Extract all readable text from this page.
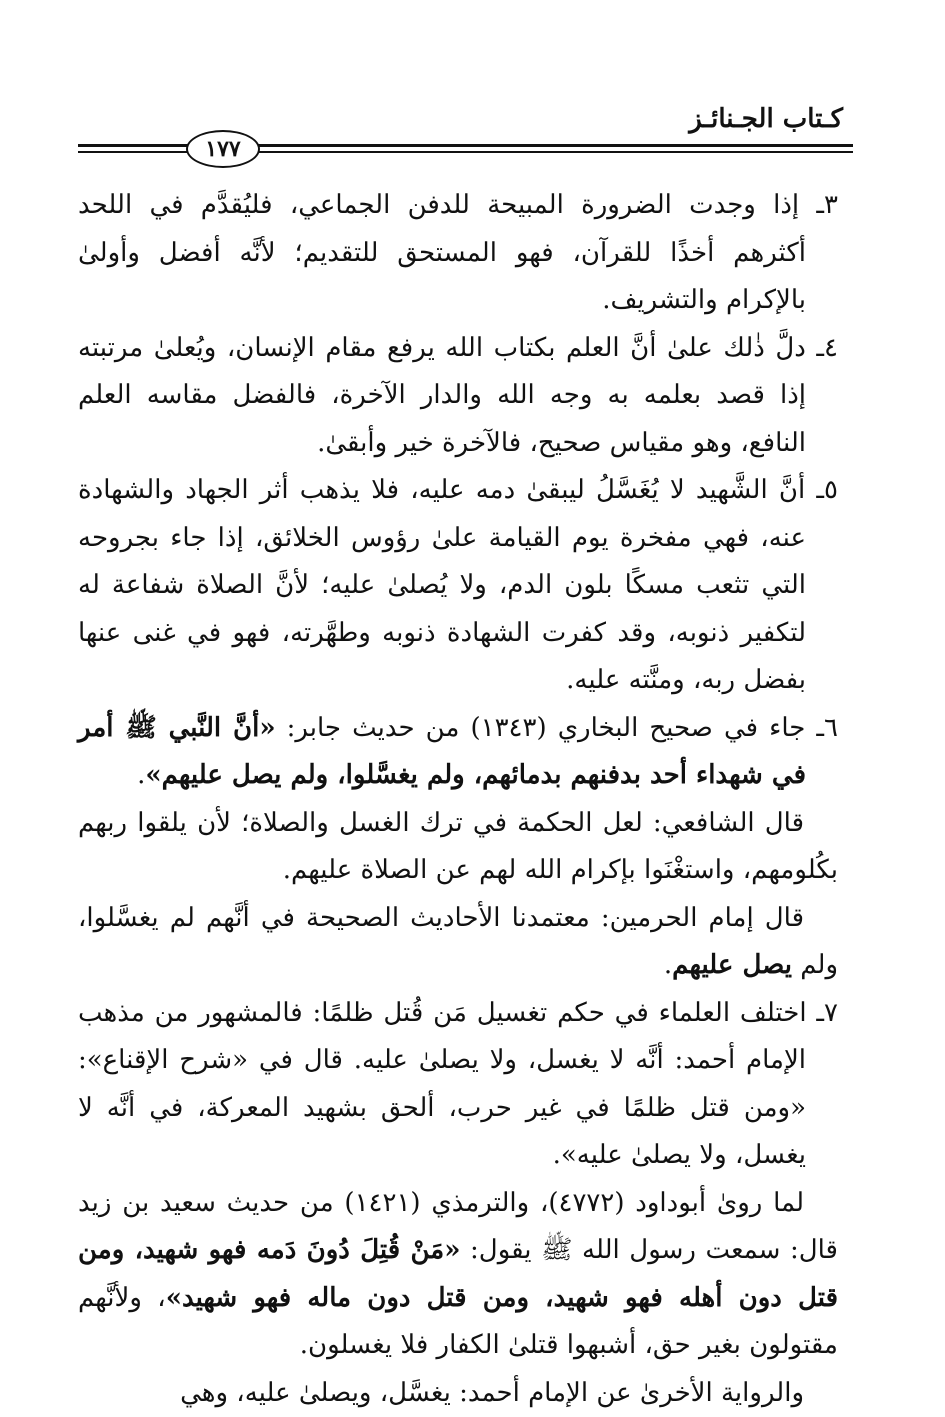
كـتاب الجـنائـز
١٧٧

٣ـ إذا وجدت الضرورة المبيحة للدفن الجماعي، فليُقدَّم في اللحد أكثرهم أخذًا للقرآن، فهو المستحق للتقديم؛ لأنَّه أفضل وأولىٰ بالإكرام والتشريف.

٤ـ دلَّ ذٰلك علىٰ أنَّ العلم بكتاب الله يرفع مقام الإنسان، ويُعلىٰ مرتبته إذا قصد بعلمه به وجه الله والدار الآخرة، فالفضل مقاسه العلم النافع، وهو مقياس صحيح، فالآخرة خير وأبقىٰ.

٥ـ أنَّ الشَّهيد لا يُغَسَّلُ ليبقىٰ دمه عليه، فلا يذهب أثر الجهاد والشهادة عنه، فهي مفخرة يوم القيامة علىٰ رؤوس الخلائق، إذا جاء بجروحه التي تثعب مسكًا بلون الدم، ولا يُصلىٰ عليه؛ لأنَّ الصلاة شفاعة له لتكفير ذنوبه، وقد كفرت الشهادة ذنوبه وطهَّرته، فهو في غنى عنها بفضل ربه، ومنَّته عليه.

٦ـ جاء في صحيح البخاري (١٣٤٣) من حديث جابر: «أنَّ النَّبي ﷺ أمر في شهداء أحد بدفنهم بدمائهم، ولم يغسَّلوا، ولم يصل عليهم».

قال الشافعي: لعل الحكمة في ترك الغسل والصلاة؛ لأن يلقوا ربهم بكُلومهم، واستغْنَوا بإكرام الله لهم عن الصلاة عليهم.

قال إمام الحرمين: معتمدنا الأحاديث الصحيحة في أنَّهم لم يغسَّلوا، ولم يصل عليهم.

٧ـ اختلف العلماء في حكم تغسيل مَن قُتل ظلمًا: فالمشهور من مذهب الإمام أحمد: أنَّه لا يغسل، ولا يصلىٰ عليه. قال في «شرح الإقناع»: «ومن قتل ظلمًا في غير حرب، ألحق بشهيد المعركة، في أنَّه لا يغسل، ولا يصلىٰ عليه».

لما روىٰ أبوداود (٤٧٧٢)، والترمذي (١٤٢١) من حديث سعيد بن زيد قال: سمعت رسول الله ﷺ يقول: «مَنْ قُتِلَ دُونَ دَمه فهو شهيد، ومن قتل دون أهله فهو شهيد، ومن قتل دون ماله فهو شهيد»، ولأنَّهم مقتولون بغير حق، أشبهوا قتلىٰ الكفار فلا يغسلون.

والرواية الأخرىٰ عن الإمام أحمد: يغسَّل، ويصلىٰ عليه، وهي
